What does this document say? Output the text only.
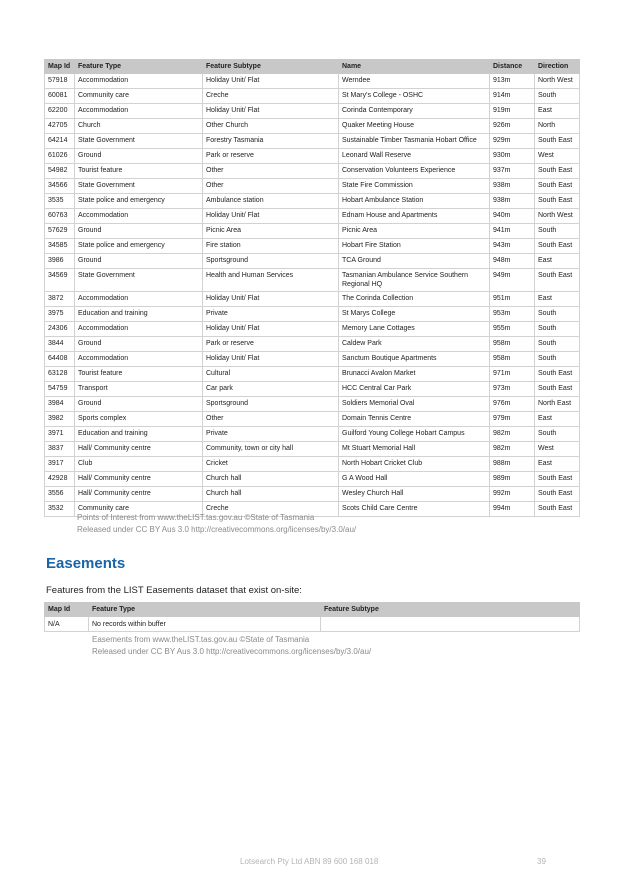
Map Id	Feature Type	Feature Subtype	Name	Distance	Direction
57918	Accommodation	Holiday Unit/ Flat	Werndee	913m	North West
60081	Community care	Creche	St Mary's College - OSHC	914m	South
62200	Accommodation	Holiday Unit/ Flat	Corinda Contemporary	919m	East
42705	Church	Other Church	Quaker Meeting House	926m	North
64214	State Government	Forestry Tasmania	Sustainable Timber Tasmania Hobart Office	929m	South East
61026	Ground	Park or reserve	Leonard Wall Reserve	930m	West
54982	Tourist feature	Other	Conservation Volunteers Experience	937m	South East
34566	State Government	Other	State Fire Commission	938m	South East
3535	State police and emergency	Ambulance station	Hobart Ambulance Station	938m	South East
60763	Accommodation	Holiday Unit/ Flat	Ednam House and Apartments	940m	North West
57629	Ground	Picnic Area	Picnic Area	941m	South
34585	State police and emergency	Fire station	Hobart Fire Station	943m	South East
3986	Ground	Sportsground	TCA Ground	948m	East
34569	State Government	Health and Human Services	Tasmanian Ambulance Service Southern Regional HQ	949m	South East
3872	Accommodation	Holiday Unit/ Flat	The Corinda Collection	951m	East
3975	Education and training	Private	St Marys College	953m	South
24306	Accommodation	Holiday Unit/ Flat	Memory Lane Cottages	955m	South
3844	Ground	Park or reserve	Caldew Park	958m	South
64408	Accommodation	Holiday Unit/ Flat	Sanctum Boutique Apartments	958m	South
63128	Tourist feature	Cultural	Brunacci Avalon Market	971m	South East
54759	Transport	Car park	HCC Central Car Park	973m	South East
3984	Ground	Sportsground	Soldiers Memorial Oval	976m	North East
3982	Sports complex	Other	Domain Tennis Centre	979m	East
3971	Education and training	Private	Guilford Young College Hobart Campus	982m	South
3837	Hall/ Community centre	Community, town or city hall	Mt Stuart Memorial Hall	982m	West
3917	Club	Cricket	North Hobart Cricket Club	988m	East
42928	Hall/ Community centre	Church hall	G A Wood Hall	989m	South East
3556	Hall/ Community centre	Church hall	Wesley Church Hall	992m	South East
3532	Community care	Creche	Scots Child Care Centre	994m	South East

Points of Interest from www.theLIST.tas.gov.au ©State of Tasmania

Released under CC BY Aus 3.0 http://creativecommons.org/licenses/by/3.0/au/

Easements

Features from the LIST Easements dataset that exist on-site:

Map Id	Feature Type	Feature Subtype
N/A	No records within buffer	

Easements from www.theLIST.tas.gov.au ©State of Tasmania

Released under CC BY Aus 3.0 http://creativecommons.org/licenses/by/3.0/au/

Lotsearch Pty Ltd ABN 89 600 168 018	39
